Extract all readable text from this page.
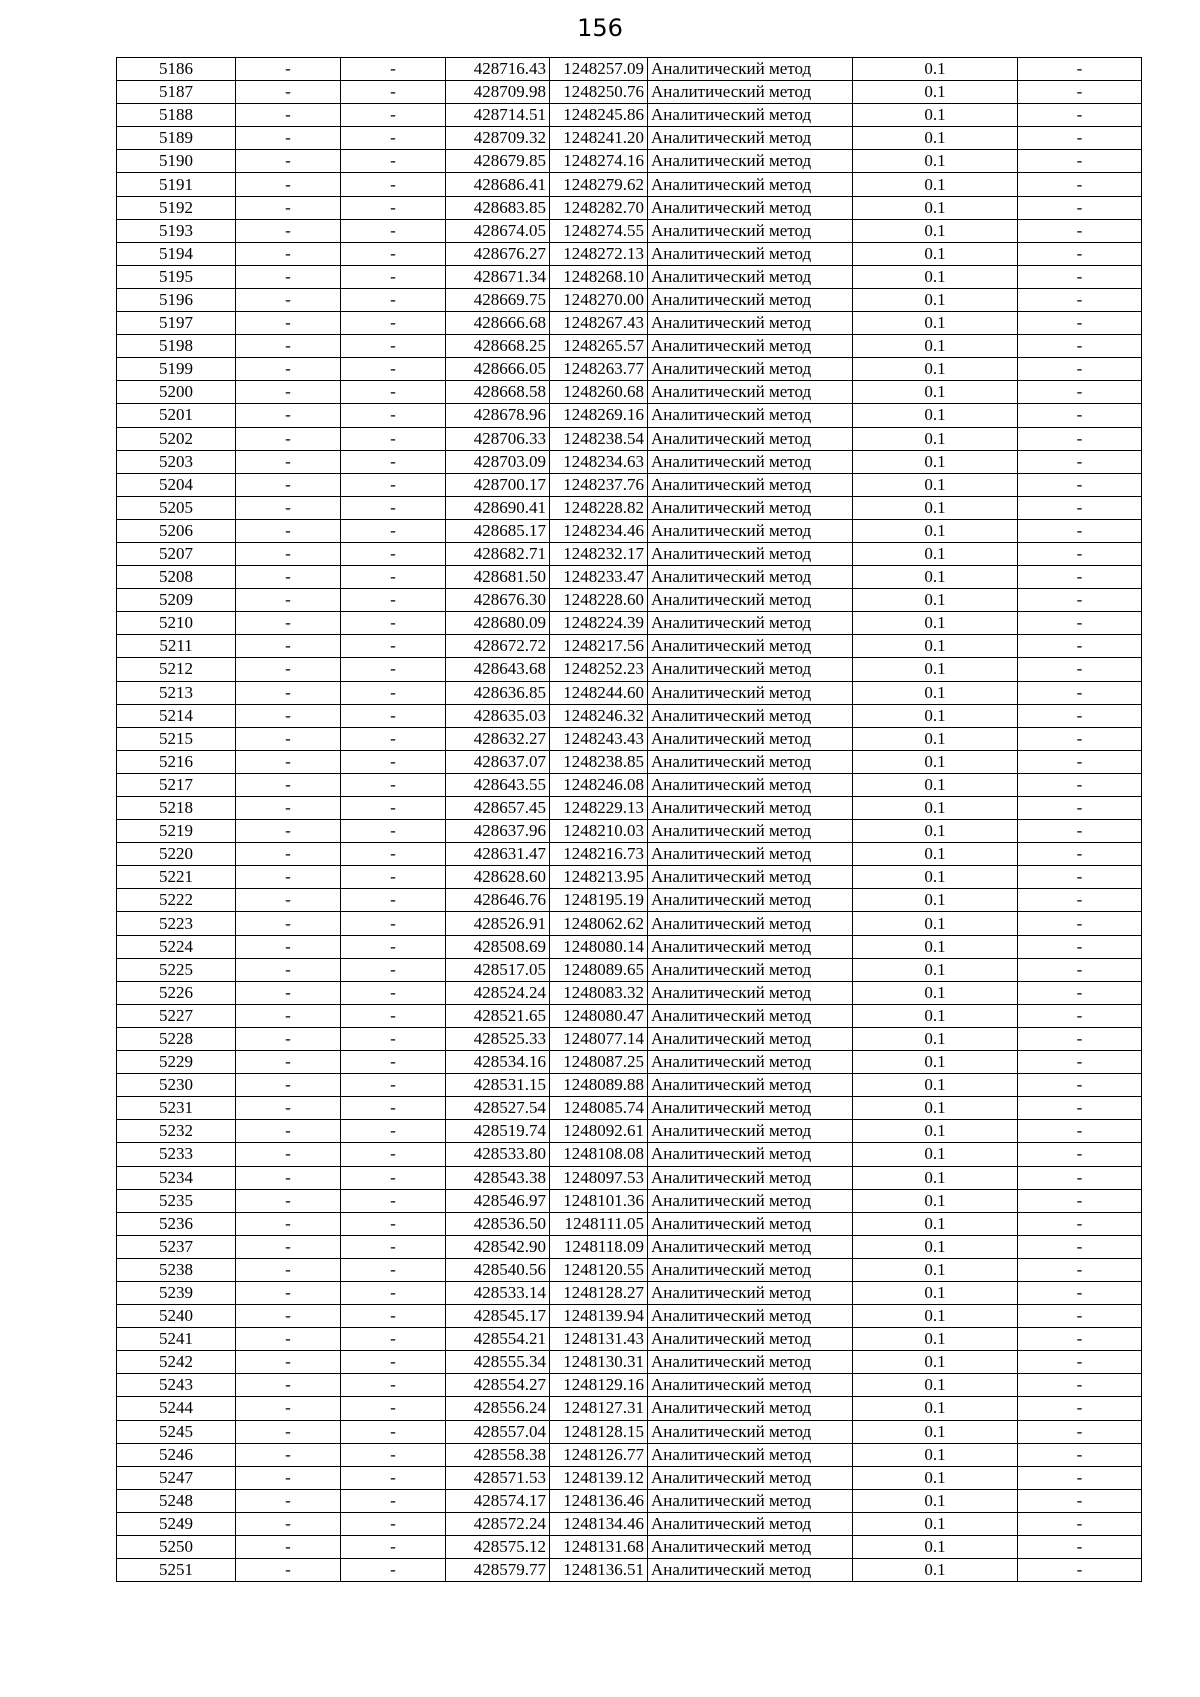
156
5186	-	-	428716.43	1248257.09	Аналитический метод	0.1	-
5187	-	-	428709.98	1248250.76	Аналитический метод	0.1	-
5188	-	-	428714.51	1248245.86	Аналитический метод	0.1	-
5189	-	-	428709.32	1248241.20	Аналитический метод	0.1	-
5190	-	-	428679.85	1248274.16	Аналитический метод	0.1	-
5191	-	-	428686.41	1248279.62	Аналитический метод	0.1	-
5192	-	-	428683.85	1248282.70	Аналитический метод	0.1	-
5193	-	-	428674.05	1248274.55	Аналитический метод	0.1	-
5194	-	-	428676.27	1248272.13	Аналитический метод	0.1	-
5195	-	-	428671.34	1248268.10	Аналитический метод	0.1	-
5196	-	-	428669.75	1248270.00	Аналитический метод	0.1	-
5197	-	-	428666.68	1248267.43	Аналитический метод	0.1	-
5198	-	-	428668.25	1248265.57	Аналитический метод	0.1	-
5199	-	-	428666.05	1248263.77	Аналитический метод	0.1	-
5200	-	-	428668.58	1248260.68	Аналитический метод	0.1	-
5201	-	-	428678.96	1248269.16	Аналитический метод	0.1	-
5202	-	-	428706.33	1248238.54	Аналитический метод	0.1	-
5203	-	-	428703.09	1248234.63	Аналитический метод	0.1	-
5204	-	-	428700.17	1248237.76	Аналитический метод	0.1	-
5205	-	-	428690.41	1248228.82	Аналитический метод	0.1	-
5206	-	-	428685.17	1248234.46	Аналитический метод	0.1	-
5207	-	-	428682.71	1248232.17	Аналитический метод	0.1	-
5208	-	-	428681.50	1248233.47	Аналитический метод	0.1	-
5209	-	-	428676.30	1248228.60	Аналитический метод	0.1	-
5210	-	-	428680.09	1248224.39	Аналитический метод	0.1	-
5211	-	-	428672.72	1248217.56	Аналитический метод	0.1	-
5212	-	-	428643.68	1248252.23	Аналитический метод	0.1	-
5213	-	-	428636.85	1248244.60	Аналитический метод	0.1	-
5214	-	-	428635.03	1248246.32	Аналитический метод	0.1	-
5215	-	-	428632.27	1248243.43	Аналитический метод	0.1	-
5216	-	-	428637.07	1248238.85	Аналитический метод	0.1	-
5217	-	-	428643.55	1248246.08	Аналитический метод	0.1	-
5218	-	-	428657.45	1248229.13	Аналитический метод	0.1	-
5219	-	-	428637.96	1248210.03	Аналитический метод	0.1	-
5220	-	-	428631.47	1248216.73	Аналитический метод	0.1	-
5221	-	-	428628.60	1248213.95	Аналитический метод	0.1	-
5222	-	-	428646.76	1248195.19	Аналитический метод	0.1	-
5223	-	-	428526.91	1248062.62	Аналитический метод	0.1	-
5224	-	-	428508.69	1248080.14	Аналитический метод	0.1	-
5225	-	-	428517.05	1248089.65	Аналитический метод	0.1	-
5226	-	-	428524.24	1248083.32	Аналитический метод	0.1	-
5227	-	-	428521.65	1248080.47	Аналитический метод	0.1	-
5228	-	-	428525.33	1248077.14	Аналитический метод	0.1	-
5229	-	-	428534.16	1248087.25	Аналитический метод	0.1	-
5230	-	-	428531.15	1248089.88	Аналитический метод	0.1	-
5231	-	-	428527.54	1248085.74	Аналитический метод	0.1	-
5232	-	-	428519.74	1248092.61	Аналитический метод	0.1	-
5233	-	-	428533.80	1248108.08	Аналитический метод	0.1	-
5234	-	-	428543.38	1248097.53	Аналитический метод	0.1	-
5235	-	-	428546.97	1248101.36	Аналитический метод	0.1	-
5236	-	-	428536.50	1248111.05	Аналитический метод	0.1	-
5237	-	-	428542.90	1248118.09	Аналитический метод	0.1	-
5238	-	-	428540.56	1248120.55	Аналитический метод	0.1	-
5239	-	-	428533.14	1248128.27	Аналитический метод	0.1	-
5240	-	-	428545.17	1248139.94	Аналитический метод	0.1	-
5241	-	-	428554.21	1248131.43	Аналитический метод	0.1	-
5242	-	-	428555.34	1248130.31	Аналитический метод	0.1	-
5243	-	-	428554.27	1248129.16	Аналитический метод	0.1	-
5244	-	-	428556.24	1248127.31	Аналитический метод	0.1	-
5245	-	-	428557.04	1248128.15	Аналитический метод	0.1	-
5246	-	-	428558.38	1248126.77	Аналитический метод	0.1	-
5247	-	-	428571.53	1248139.12	Аналитический метод	0.1	-
5248	-	-	428574.17	1248136.46	Аналитический метод	0.1	-
5249	-	-	428572.24	1248134.46	Аналитический метод	0.1	-
5250	-	-	428575.12	1248131.68	Аналитический метод	0.1	-
5251	-	-	428579.77	1248136.51	Аналитический метод	0.1	-
